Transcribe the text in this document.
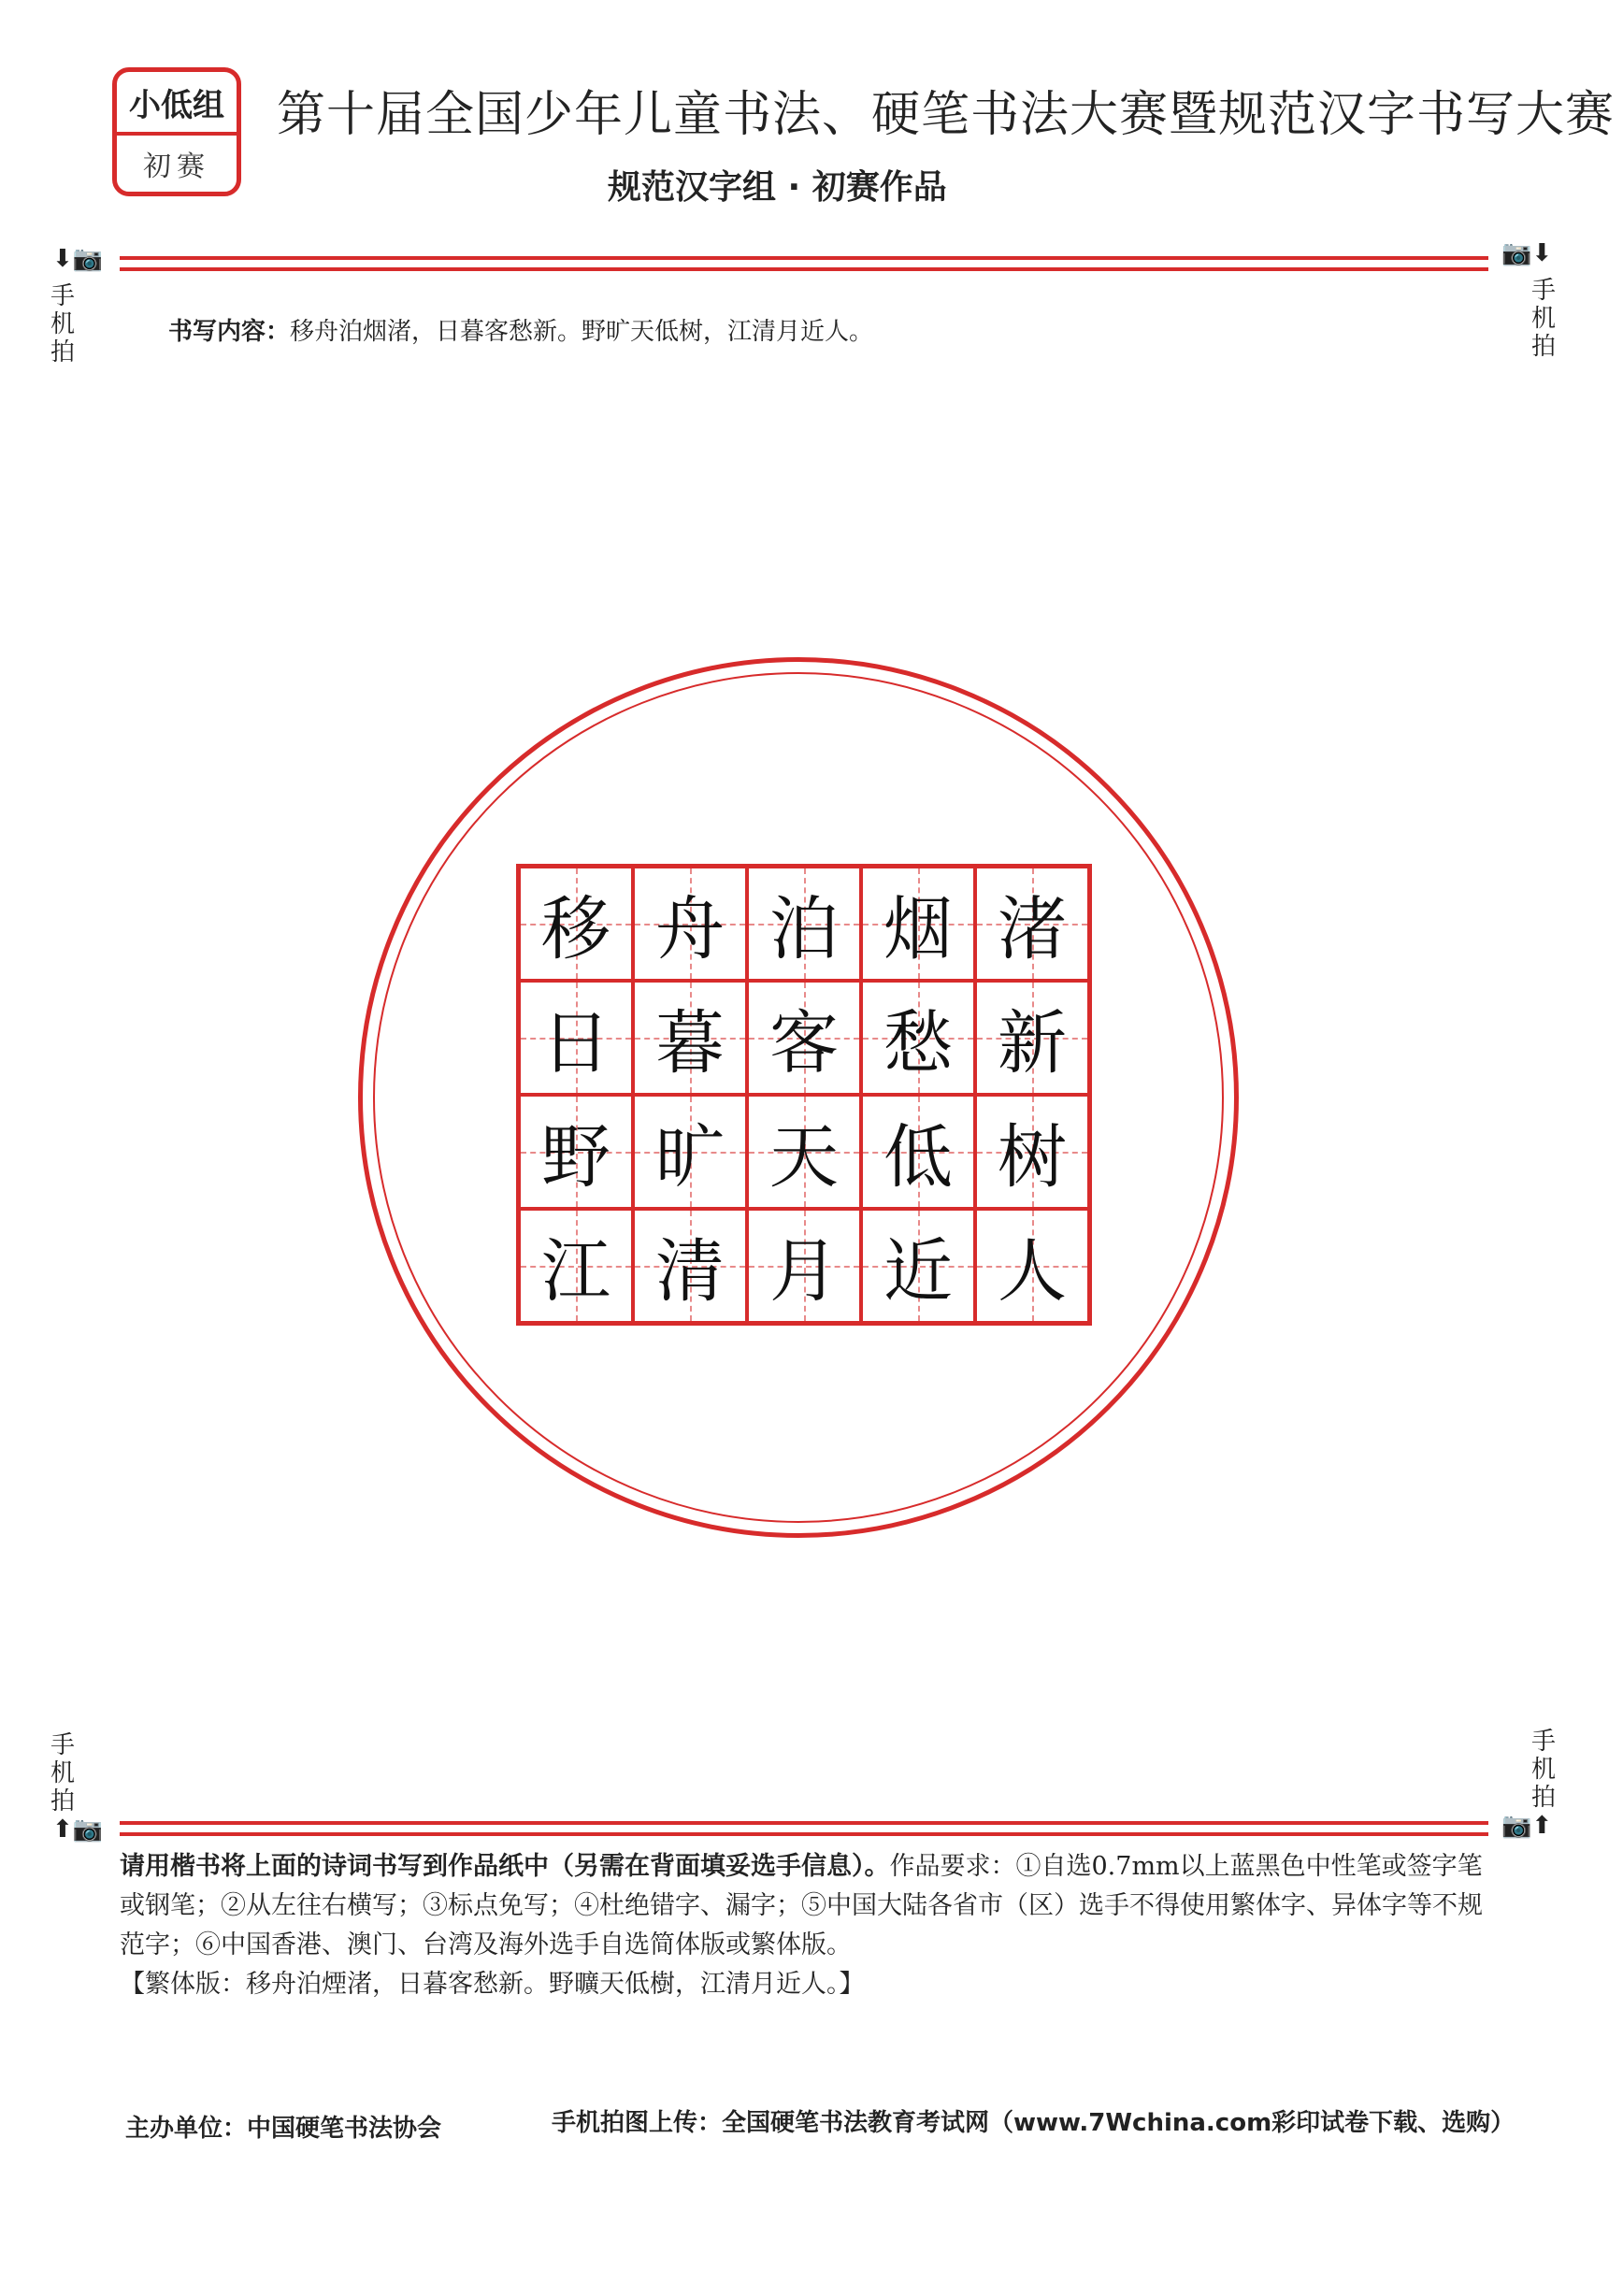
小低组
初赛
第十届全国少年儿童书法、硬笔书法大赛暨规范汉字书写大赛
规范汉字组 · 初赛作品
⬇📷
手
机
拍
📷⬇
手
机
拍
书写内容：移舟泊烟渚，日暮客愁新。野旷天低树，江清月近人。
移 舟 泊 烟 渚
日 暮 客 愁 新
野 旷 天 低 树
江 清 月 近 人
手
机
拍
⬆📷
手
机
拍
📷⬆
请用楷书将上面的诗词书写到作品纸中（另需在背面填妥选手信息）。作品要求：①自选0.7mm以上蓝黑色中性笔或签字笔或钢笔；②从左往右横写；③标点免写；④杜绝错字、漏字；⑤中国大陆各省市（区）选手不得使用繁体字、异体字等不规范字；⑥中国香港、澳门、台湾及海外选手自选简体版或繁体版。
【繁体版：移舟泊煙渚，日暮客愁新。野曠天低樹，江清月近人。】
主办单位：中国硬笔书法协会	手机拍图上传：全国硬笔书法教育考试网（www.7Wchina.com彩印试卷下载、选购）
